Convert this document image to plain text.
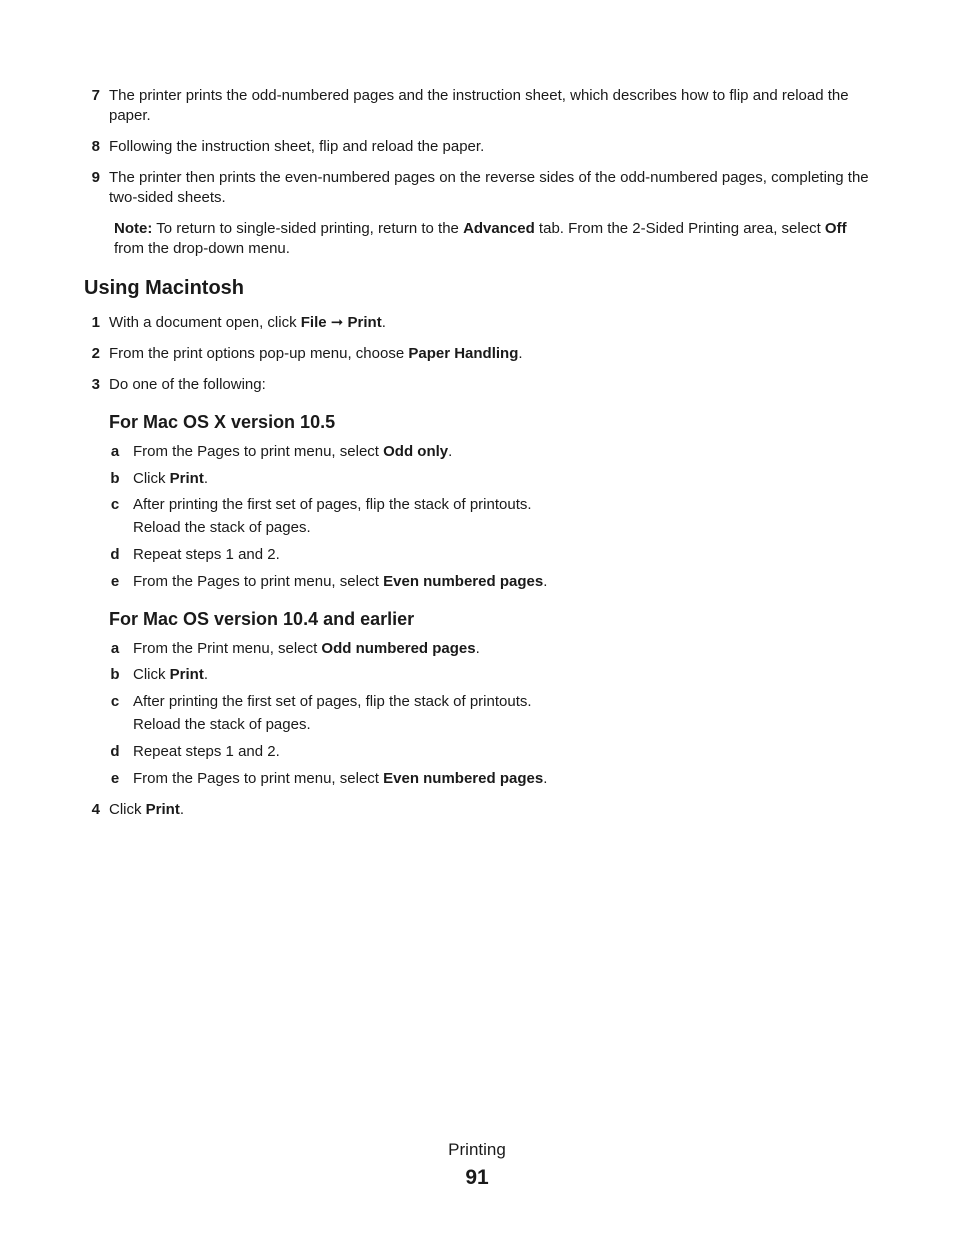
7 The printer prints the odd-numbered pages and the instruction sheet, which describes how to flip and reload the paper.
8 Following the instruction sheet, flip and reload the paper.
9 The printer then prints the even-numbered pages on the reverse sides of the odd-numbered pages, completing the two-sided sheets.
Note: To return to single-sided printing, return to the Advanced tab. From the 2-Sided Printing area, select Off from the drop-down menu.
Using Macintosh
1 With a document open, click File ➞ Print.
2 From the print options pop-up menu, choose Paper Handling.
3 Do one of the following:
For Mac OS X version 10.5
a From the Pages to print menu, select Odd only.
b Click Print.
c After printing the first set of pages, flip the stack of printouts.
Reload the stack of pages.
d Repeat steps 1 and 2.
e From the Pages to print menu, select Even numbered pages.
For Mac OS version 10.4 and earlier
a From the Print menu, select Odd numbered pages.
b Click Print.
c After printing the first set of pages, flip the stack of printouts.
Reload the stack of pages.
d Repeat steps 1 and 2.
e From the Pages to print menu, select Even numbered pages.
4 Click Print.
Printing
91
